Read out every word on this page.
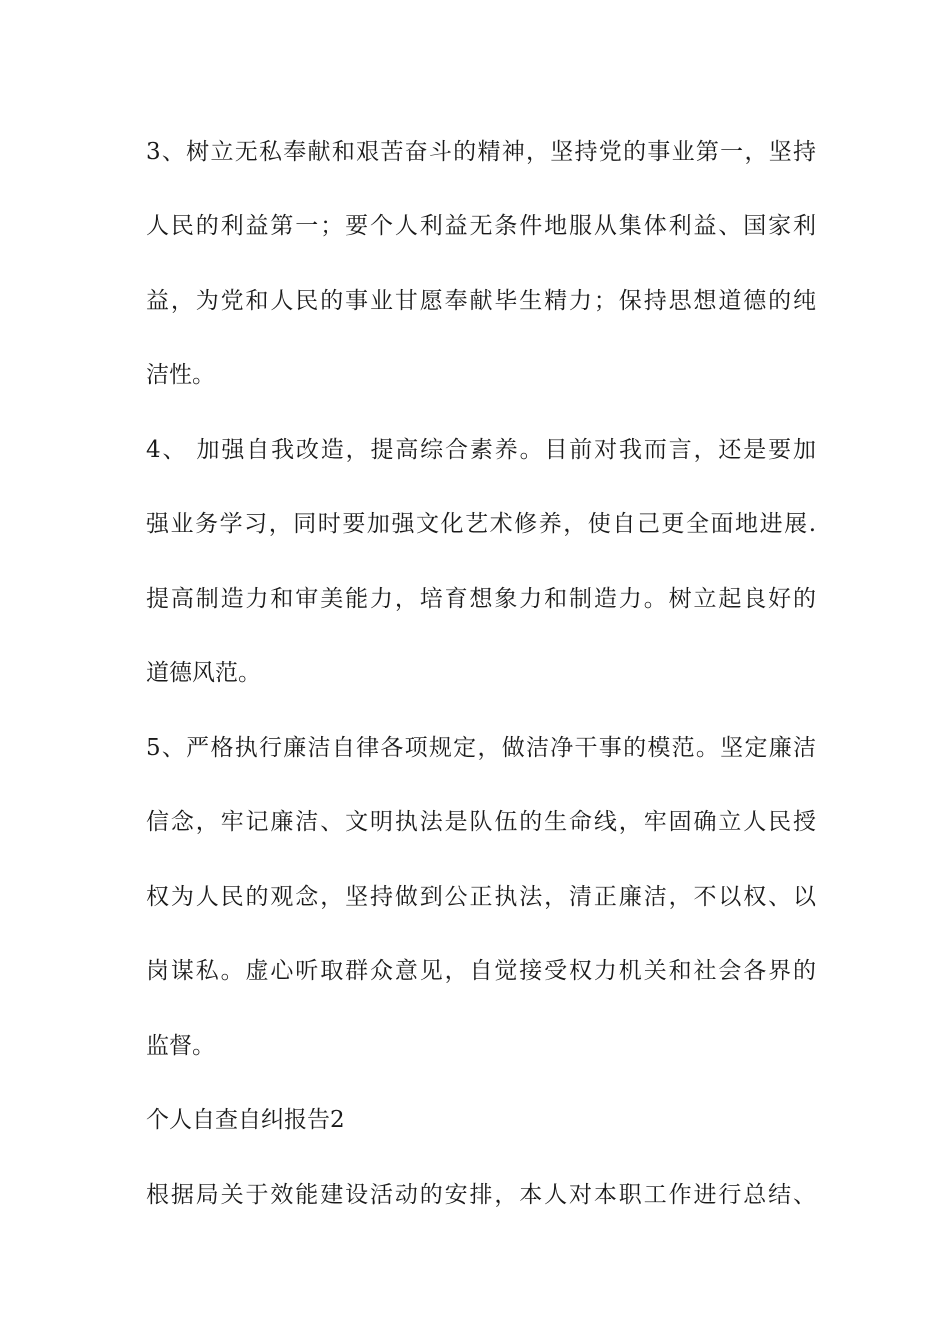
3、树立无私奉献和艰苦奋斗的精神，坚持党的事业第一，坚持
人民的利益第一；要个人利益无条件地服从集体利益、国家利
益，为党和人民的事业甘愿奉献毕生精力；保持思想道德的纯
洁性。
4、 加强自我改造，提高综合素养。目前对我而言，还是要加
强业务学习，同时要加强文化艺术修养，使自己更全面地进展.
提高制造力和审美能力，培育想象力和制造力。树立起良好的
道德风范。
5、严格执行廉洁自律各项规定，做洁净干事的模范。坚定廉洁
信念，牢记廉洁、文明执法是队伍的生命线，牢固确立人民授
权为人民的观念，坚持做到公正执法，清正廉洁，不以权、以
岗谋私。虚心听取群众意见，自觉接受权力机关和社会各界的
监督。
个人自查自纠报告2
根据局关于效能建设活动的安排，本人对本职工作进行总结、
